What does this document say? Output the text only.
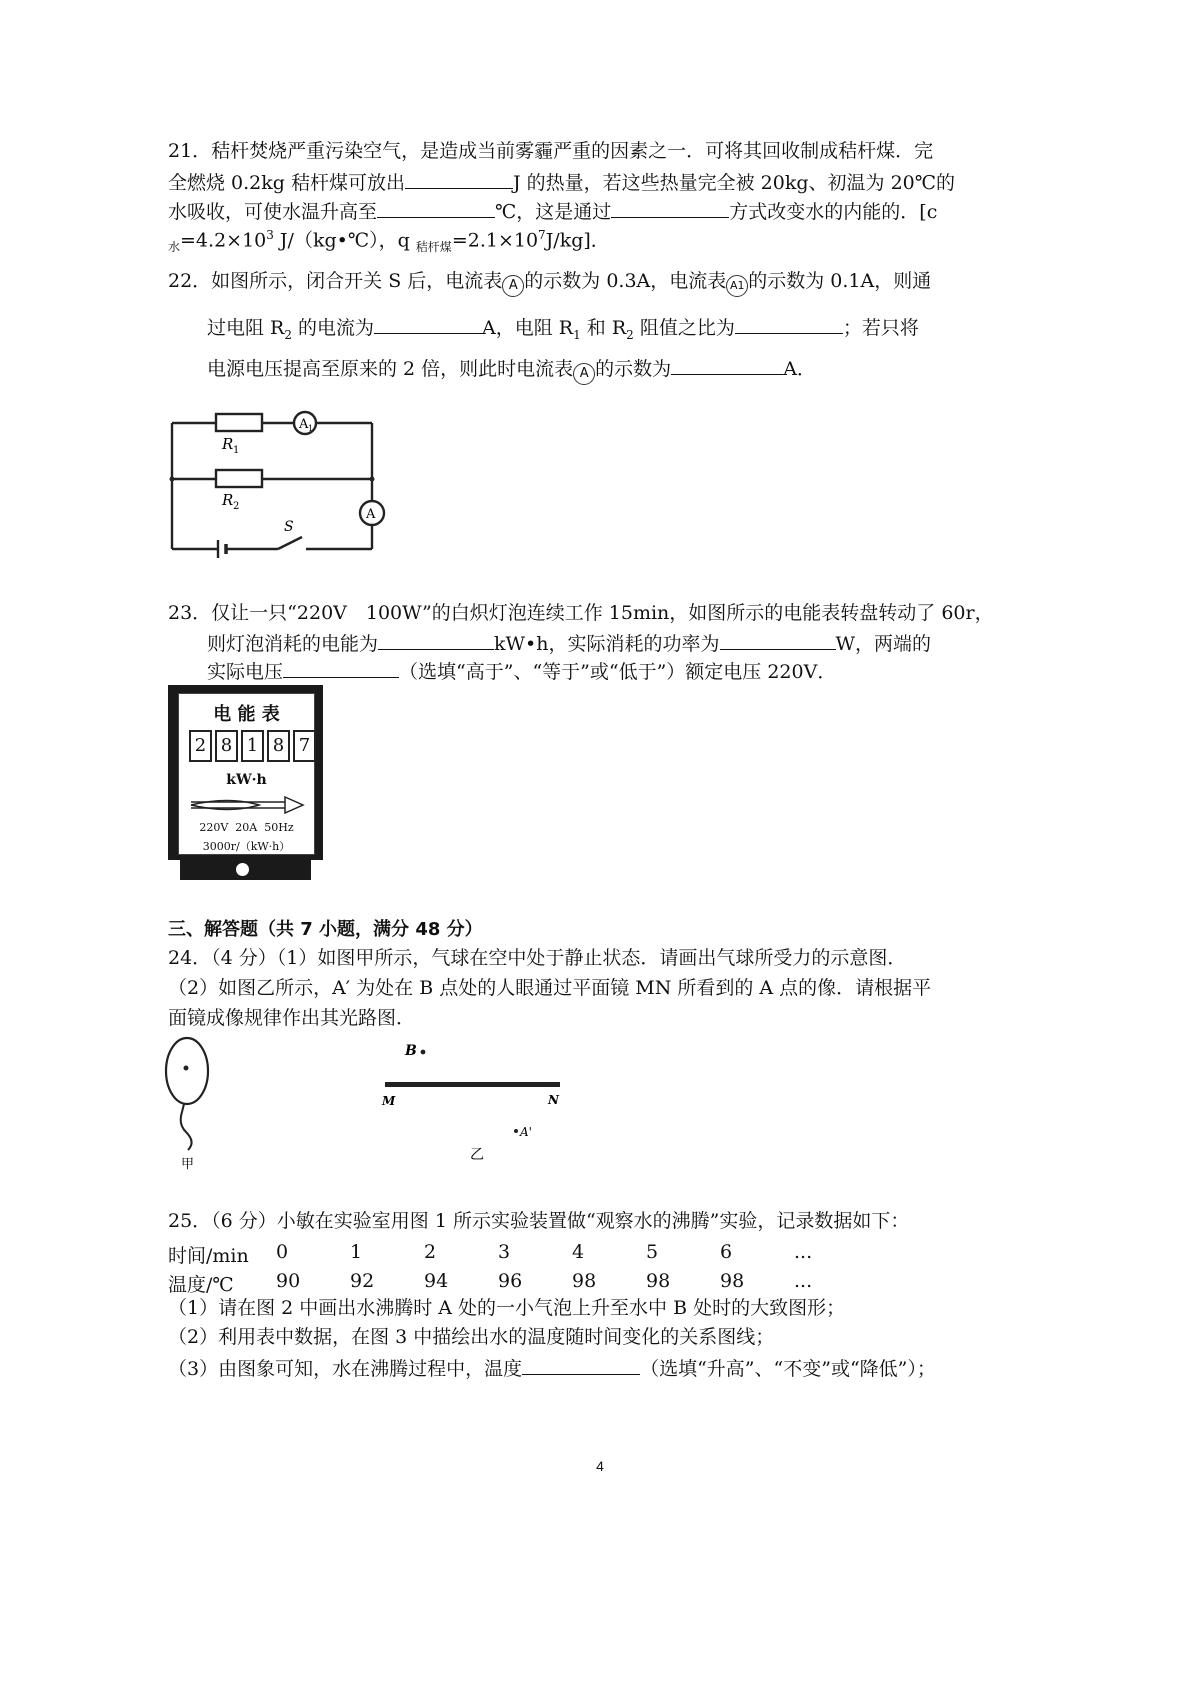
21．秸杆焚烧严重污染空气，是造成当前雾霾严重的因素之一．可将其回收制成秸杆煤．完
全燃烧 0.2kg 秸杆煤可放出	J 的热量，若这些热量完全被 20kg、初温为 20℃的
水吸收，可使水温升高至	℃，这是通过	方式改变水的内能的．[c
$_水=4.2\times 10^3$ J/（kg•℃），q $_{秸杆煤}=2.1\times 10^7J/kg$]．
22．如图所示，闭合开关 S 后，电流表 A 的示数为 0.3A，电流表 A1 的示数为 0.1A，则通
过电阻 $R_2$ 的电流为	A，电阻 $R_1$ 和 $R_2$ 阻值之比为	；若只将
电源电压提高至原来的 2 倍，则此时电流表 A 的示数为	A．
R 1
R 2
A 1
A
S
23．仅让一只“220V　100W”的白炽灯泡连续工作 15min，如图所示的电能表转盘转动了 60r，
则灯泡消耗的电能为	kW•h，实际消耗的功率为	W，两端的
实际电压	（选填“高于”、“等于”或“低于”）额定电压 220V．
电 能 表
2 8 1 8 7
kW·h
220V  20A  50Hz
3000r/（kW·h）
三、解答题（共 7 小题，满分 48 分）
24．（4 分）（1）如图甲所示，气球在空中处于静止状态．请画出气球所受力的示意图．
（2）如图乙所示，A′ 为处在 B 点处的人眼通过平面镜 MN 所看到的 A 点的像．请根据平
面镜成像规律作出其光路图．
甲
B
M	N
A'
乙
25．（6 分）小敏在实验室用图 1 所示实验装置做“观察水的沸腾”实验，记录数据如下：
时间/min 0	1	2	3	4	5	6	...
温度/℃ 90	92	94	96	98	98	98	...
（1）请在图 2 中画出水沸腾时 A 处的一小气泡上升至水中 B 处时的大致图形；
（2）利用表中数据，在图 3 中描绘出水的温度随时间变化的关系图线；
（3）由图象可知，水在沸腾过程中，温度	（选填“升高”、“不变”或“降低”）；
4
